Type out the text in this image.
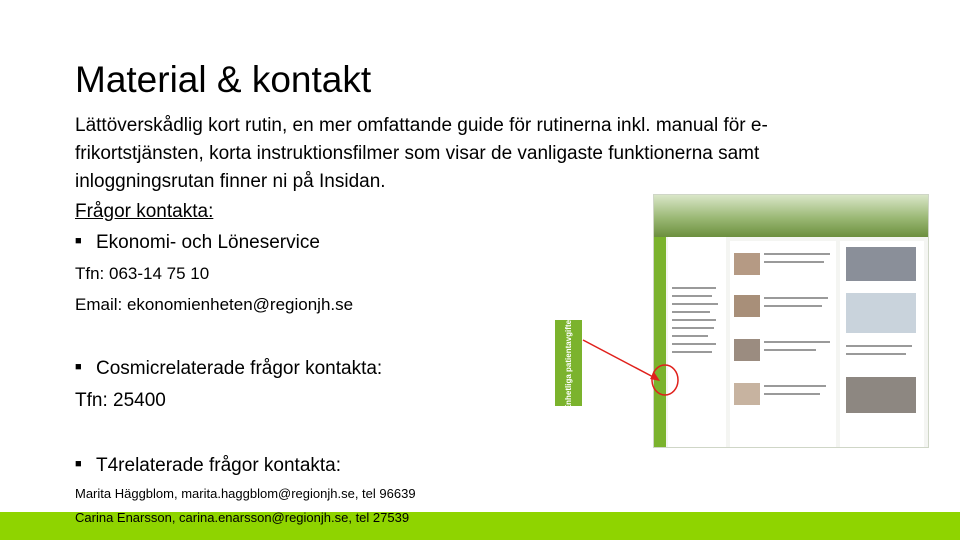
Material & kontakt

Lättöverskådlig kort rutin, en mer omfattande guide för rutinerna inkl. manual för e-frikortstjänsten, korta instruktionsfilmer som visar de vanligaste funktionerna samt inloggningsrutan finner ni på Insidan.

Frågor kontakta:
■ Ekonomi- och Löneservice
Tfn: 063-14 75 10
Email: ekonomienheten@regionjh.se
■ Cosmicrelaterade frågor kontakta:
Tfn: 25400
■ T4relaterade frågor kontakta:
Marita Häggblom, marita.haggblom@regionjh.se, tel 96639
Carina Enarsson, carina.enarsson@regionjh.se, tel 27539
Enhetliga patientavgifter
